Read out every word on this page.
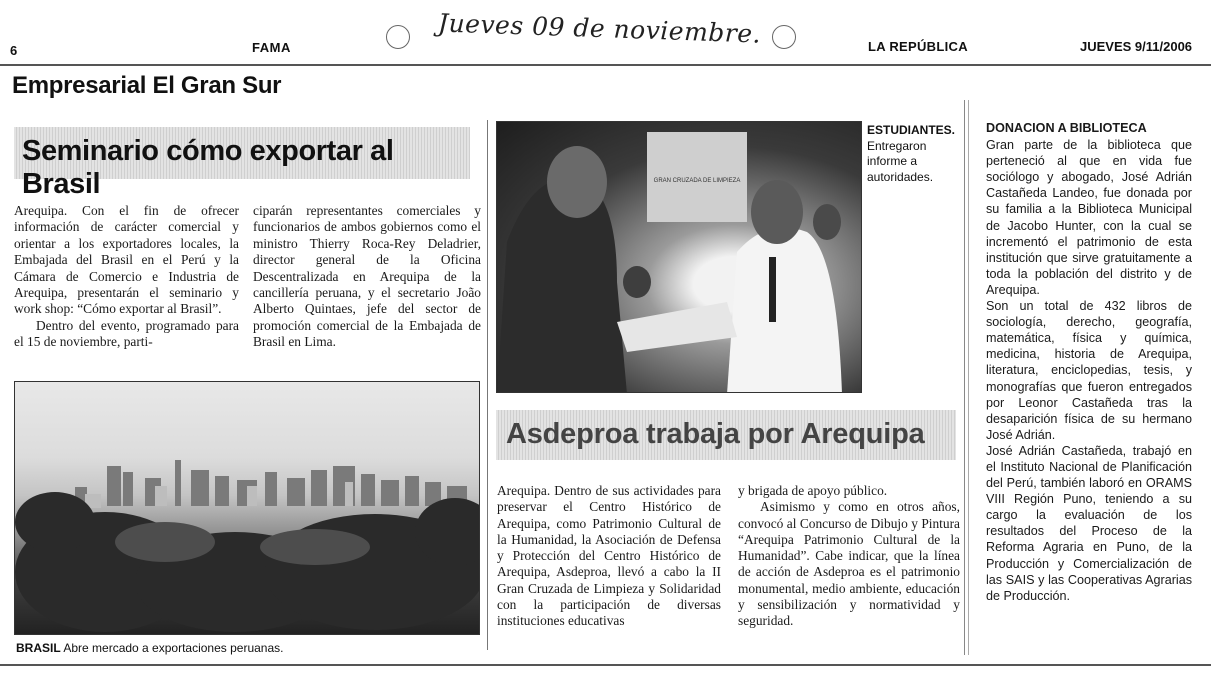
6	FAMA	Jueves 09 de noviembre.	LA REPÚBLICA	JUEVES 9/11/2006
Empresarial El Gran Sur
Seminario cómo exportar al Brasil

Arequipa. Con el fin de ofrecer información de carácter comercial y orientar a los exportadores locales, la Embajada del Brasil en el Perú y la Cámara de Comercio e Industria de Arequipa, presentarán el seminario y work shop: “Cómo exportar al Brasil”.

Dentro del evento, programado para el 15 de noviembre, parti-

ciparán representantes comerciales y funcionarios de ambos gobiernos como el ministro Thierry Roca-Rey Deladrier, director general de la Oficina Descentralizada en Arequipa de la cancillería peruana, y el secretario João Alberto Quintaes, jefe del sector de promoción comercial de la Embajada de Brasil en Lima.

BRASIL Abre mercado a exportaciones peruanas.
GRAN CRUZADA DE LIMPIEZA
ESTUDIANTES.
Entregaron informe a autoridades.
Asdeproa trabaja por Arequipa

Arequipa. Dentro de sus actividades para preservar el Centro Histórico de Arequipa, como Patrimonio Cultural de la Humanidad, la Asociación de Defensa y Protección del Centro Histórico de Arequipa, Asdeproa, llevó a cabo la II Gran Cruzada de Limpieza y Solidaridad con la participación de diversas instituciones educativas

y brigada de apoyo público.

Asimismo y como en otros años, convocó al Concurso de Dibujo y Pintura “Arequipa Patrimonio Cultural de la Humanidad”. Cabe indicar, que la línea de acción de Asdeproa es el patrimonio monumental, medio ambiente, educación y sensibilización y normatividad y seguridad.

DONACION A BIBLIOTECA

Gran parte de la biblioteca que perteneció al que en vida fue sociólogo y abogado, José Adrián Castañeda Landeo, fue donada por su familia a la Biblioteca Municipal de Jacobo Hunter, con la cual se incrementó el patrimonio de esta institución que sirve gratuitamente a toda la población del distrito y de Arequipa.

Son un total de 432 libros de sociología, derecho, geografía, matemática, física y química, medicina, historia de Arequipa, literatura, enciclopedias, tesis, y monografías que fueron entregados por Leonor Castañeda tras la desaparición física de su hermano José Adrián.

José Adrián Castañeda, trabajó en el Instituto Nacional de Planificación del Perú, también laboró en ORAMS VIII Región Puno, teniendo a su cargo la evaluación de los resultados del Proceso de la Reforma Agraria en Puno, de la Producción y Comercialización de las SAIS y las Cooperativas Agrarias de Producción.
